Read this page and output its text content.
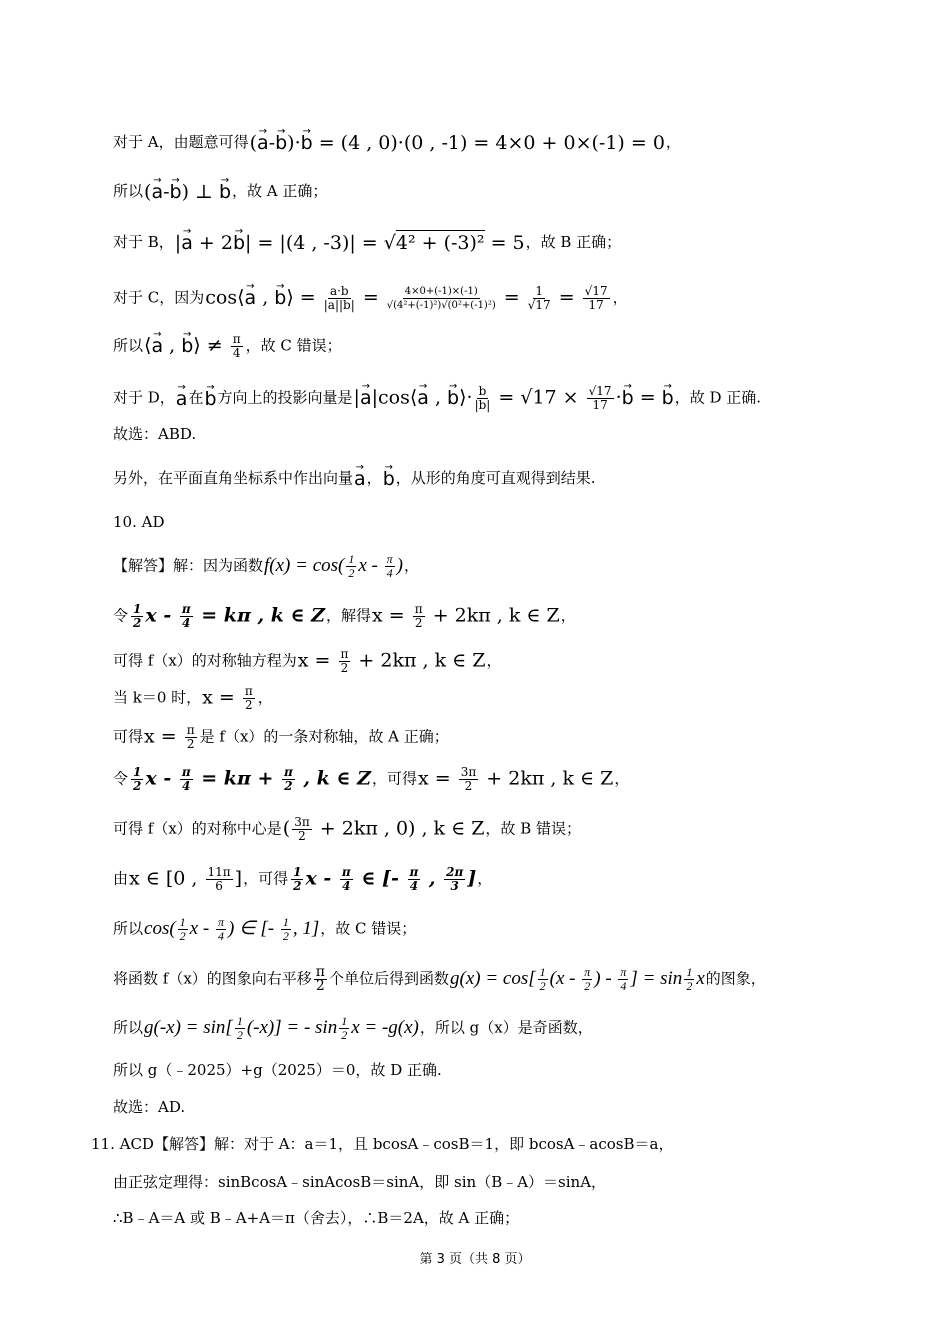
对于 A，由题意可得(→ a-→ b)·→ b = (4 , 0)·(0 , -1) = 4×0 + 0×(-1) = 0，
所以(→ a-→ b) ⊥ → b，故 A 正确；
对于 B，|→ a + 2→ b| = |(4 , -3)| = √4² + (-3)² = 5，故 B 正确；
对于 C，因为cos⟨→ a , → b⟩ = $\frac{a\cdot b}{|a||b|} = \frac{4\times 0+(-1)\times(-1)}{\text{√(4²+(-1)²)√(0²+(-1)²)}} = \frac{1}{√17} = \frac{√17}{17}$ ，
所以⟨→ a , → b⟩ ≠ $\frac{\pi}{4}$ ，故 C 错误；
对于 D，→ a在→ b方向上的投影向量是|→ a|cos⟨→ a , → b⟩· $\frac{b}{|b|} = √17 \times \frac{√17}{17} \cdot\to b$ = → b，故 D 正确.
故选：ABD.
另外，在平面直角坐标系中作出向量→ a，→ b，从形的角度可直观得到结果.
10. AD
【解答】解：因为函数$f(x) = \cos( \frac{1}{2}$ x - $\frac{\pi}{4}$ )，
令 $\frac{1}{2}$ $x - \frac{\pi}{4} = k\pi$ , k ∈ Z，解得$x = \frac{\pi}{2} + 2k\pi$ , k ∈ Z，
可得 f（x）的对称轴方程为$x = \frac{\pi}{2} + 2k\pi$ , k ∈ Z，
当 k＝0 时，$x = \frac{\pi}{2}$ ，
可得$x = \frac{\pi}{2}$ 是 f（x）的一条对称轴，故 A 正确；
令 $\frac{1}{2}$ $x - \frac{\pi}{4} = k\pi + \frac{\pi}{2}$ , k ∈ Z，可得$x = \frac{3\pi}{2} + 2k\pi$ , k ∈ Z，
可得 f（x）的对称中心是( $\frac{3\pi}{2} + 2k\pi$ , 0) , k ∈ Z，故 B 错误；
由x ∈ [0 , $\frac{11\pi}{6}$ ]，可得 $\frac{1}{2}$ x - $\frac{\pi}{4}$ ∈ [- $\frac{\pi}{4}$ , $\frac{2\pi}{3}$ ]，
所以$\cos( \frac{1}{2}$ x - $\frac{\pi}{4}$ ) ∈ [- $\frac{1}{2}$ , 1]，故 C 错误；
将函数 f（x）的图象向右平移 $\frac{\pi}{2}$ 个单位后得到函数$g(x) = \cos[ \frac{1}{2} (x - \frac{\pi}{2}$ ) - $\frac{\pi}{4}$ ] = $\sin \frac{1}{2}$ x的图象，
所以$g(-x) = \sin[ \frac{1}{2} (-x)]$ = - $\sin \frac{1}{2}$ x = -g(x)，所以 g（x）是奇函数，
所以 g（﹣2025）+g（2025）＝0，故 D 正确.
故选：AD.
11. ACD【解答】解：对于 A：a＝1，且 bcosA﹣cosB＝1，即 bcosA﹣acosB＝a，
由正弦定理得：sinBcosA﹣sinAcosB＝sinA，即 sin（B﹣A）＝sinA，
∴B﹣A＝A 或 B﹣A+A＝π（舍去），∴B＝2A，故 A 正确；
第 3 页（共 8 页）
